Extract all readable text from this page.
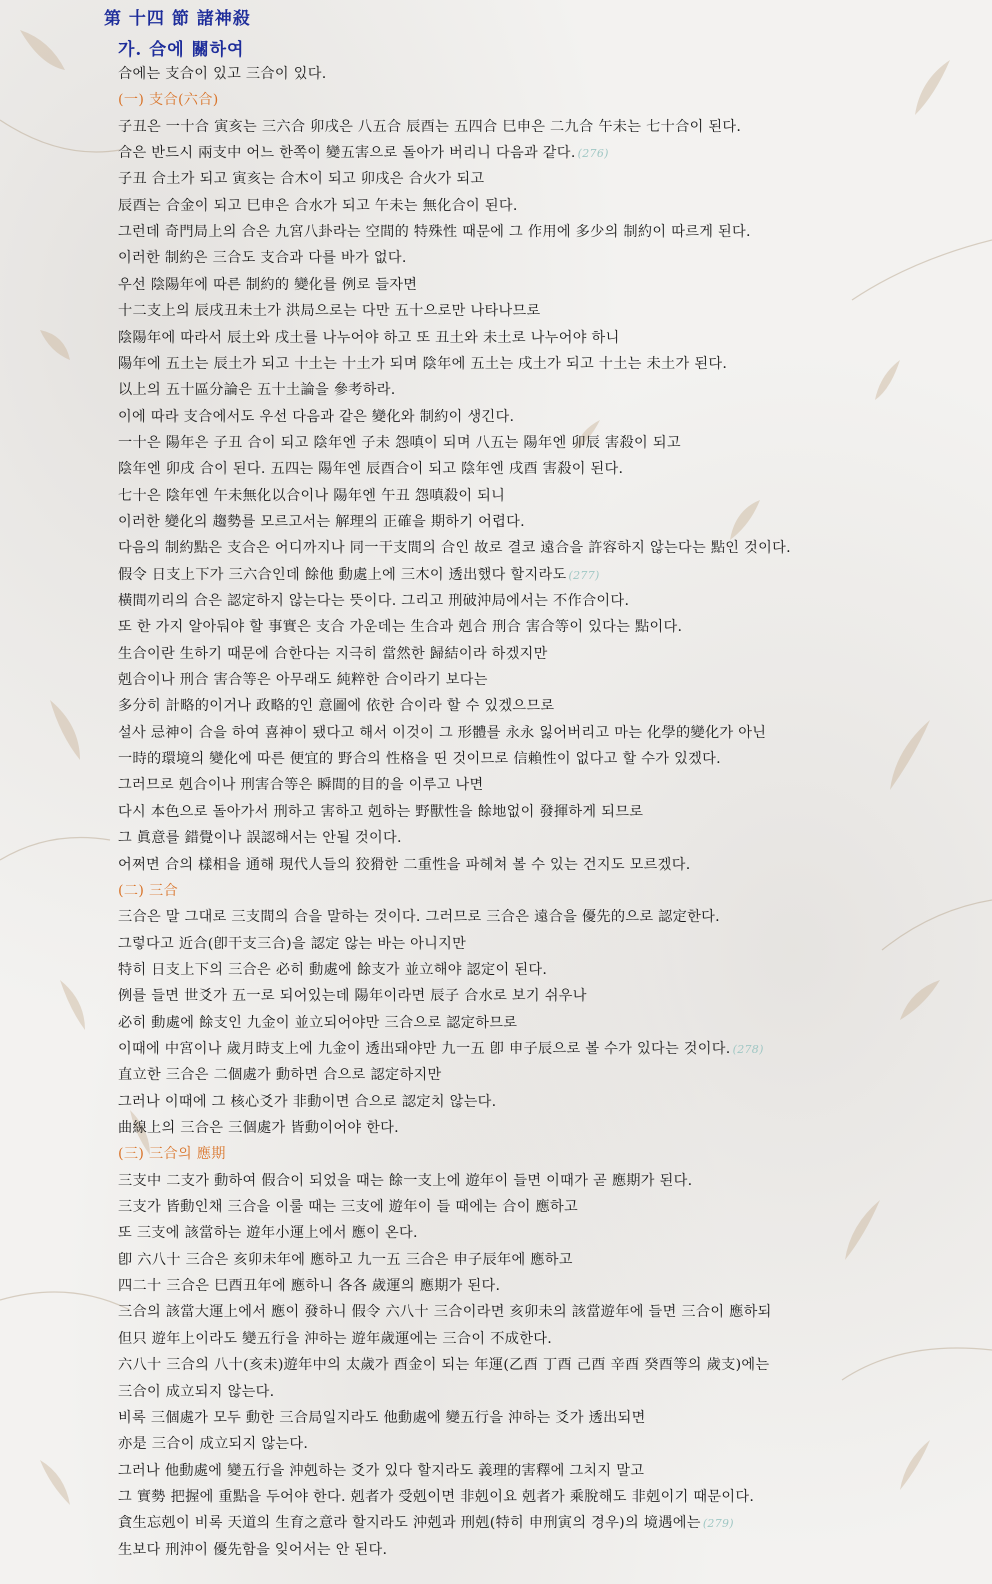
第 十四 節 諸神殺
가. 合에 關하여
合에는 支合이 있고 三合이 있다.
(一) 支合(六合)
子丑은 一十合 寅亥는 三六合 卯戌은 八五合 辰酉는 五四合 巳申은 二九合 午未는 七十合이 된다.
合은 반드시 兩支中 어느 한쪽이 變五害으로 돌아가 버리니 다음과 같다. (276)
子丑 合土가 되고 寅亥는 合木이 되고 卯戌은 合火가 되고
辰酉는 合金이 되고 巳申은 合水가 되고 午未는 無化合이 된다.
그런데 奇門局上의 合은 九宮八卦라는 空間的 特殊性 때문에 그 作用에 多少의 制約이 따르게 된다.
이러한 制約은 三合도 支合과 다를 바가 없다.
우선 陰陽年에 따른 制約的 變化를 例로 들자면
十二支上의 辰戌丑未土가 洪局으로는 다만 五十으로만 나타나므로
陰陽年에 따라서 辰土와 戌土를 나누어야 하고 또 丑土와 未土로 나누어야 하니
陽年에 五土는 辰土가 되고 十土는 十土가 되며 陰年에 五土는 戌土가 되고 十土는 未土가 된다.
以上의 五十區分論은 五十土論을 參考하라.
이에 따라 支合에서도 우선 다음과 같은 變化와 制約이 생긴다.
一十은 陽年은 子丑 合이 되고 陰年엔 子未 怨嗔이 되며 八五는 陽年엔 卯辰 害殺이 되고
陰年엔 卯戌 合이 된다. 五四는 陽年엔 辰酉合이 되고 陰年엔 戌酉 害殺이 된다.
七十은 陰年엔 午未無化以合이나 陽年엔 午丑 怨嗔殺이 되니
이러한 變化의 趨勢를 모르고서는 解理의 正確을 期하기 어렵다.
다음의 制約點은 支合은 어디까지나 同一干支間의 合인 故로 결코 遠合을 許容하지 않는다는 點인 것이다.
假令 日支上下가 三六合인데 餘他 動處上에 三木이 透出했다 할지라도 (277)
橫間끼리의 合은 認定하지 않는다는 뜻이다. 그리고 刑破沖局에서는 不作合이다.
또 한 가지 알아둬야 할 事實은 支合 가운데는 生合과 剋合 刑合 害合等이 있다는 點이다.
生合이란 生하기 때문에 合한다는 지극히 當然한 歸結이라 하겠지만
剋合이나 刑合 害合等은 아무래도 純粹한 合이라기 보다는
多分히 計略的이거나 政略的인 意圖에 依한 合이라 할 수 있겠으므로
설사 忌神이 合을 하여 喜神이 됐다고 해서 이것이 그 形體를 永永 잃어버리고 마는 化學的變化가 아닌
一時的環境의 變化에 따른 便宜的 野合의 性格을 띤 것이므로 信賴性이 없다고 할 수가 있겠다.
그러므로 剋合이나 刑害合等은 瞬間的目的을 이루고 나면
다시 本色으로 돌아가서 刑하고 害하고 剋하는 野獸性을 餘地없이 發揮하게 되므로
그 眞意를 錯覺이나 誤認해서는 안될 것이다.
어쩌면 合의 樣相을 通해 現代人들의 狡猾한 二重性을 파헤쳐 볼 수 있는 건지도 모르겠다.
(二) 三合
三合은 말 그대로 三支間의 合을 말하는 것이다. 그러므로 三合은 遠合을 優先的으로 認定한다.
그렇다고 近合(卽干支三合)을 認定 않는 바는 아니지만
特히 日支上下의 三合은 必히 動處에 餘支가 並立해야 認定이 된다.
例를 들면 世爻가 五一로 되어있는데 陽年이라면 辰子 合水로 보기 쉬우나
必히 動處에 餘支인 九金이 並立되어야만 三合으로 認定하므로
이때에 中宮이나 歲月時支上에 九金이 透出돼야만 九一五 卽 申子辰으로 볼 수가 있다는 것이다. (278)
直立한 三合은 二個處가 動하면 合으로 認定하지만
그러나 이때에 그 核心爻가 非動이면 合으로 認定치 않는다.
曲線上의 三合은 三個處가 皆動이어야 한다.
(三) 三合의 應期
三支中 二支가 動하여 假合이 되었을 때는 餘一支上에 遊年이 들면 이때가 곧 應期가 된다.
三支가 皆動인채 三合을 이룰 때는 三支에 遊年이 들 때에는 合이 應하고
또 三支에 該當하는 遊年小運上에서 應이 온다.
卽 六八十 三合은 亥卯未年에 應하고 九一五 三合은 申子辰年에 應하고
四二十 三合은 巳酉丑年에 應하니 各各 歲運의 應期가 된다.
三合의 該當大運上에서 應이 發하니 假令 六八十 三合이라면 亥卯未의 該當遊年에 들면 三合이 應하되
但只 遊年上이라도 變五行을 沖하는 遊年歲運에는 三合이 不成한다.
六八十 三合의 八十(亥未)遊年中의 太歲가 酉金이 되는 年運(乙酉 丁酉 己酉 辛酉 癸酉等의 歲支)에는
三合이 成立되지 않는다.
비록 三個處가 모두 動한 三合局일지라도 他動處에 變五行을 沖하는 爻가 透出되면
亦是 三合이 成立되지 않는다.
그러나 他動處에 變五行을 沖剋하는 爻가 있다 할지라도 義理的害釋에 그치지 말고
그 實勢 把握에 重點을 두어야 한다. 剋者가 受剋이면 非剋이요 剋者가 乘脫해도 非剋이기 때문이다.
貪生忘剋이 비록 天道의 生育之意라 할지라도 沖剋과 刑剋(特히 申刑寅의 경우)의 境遇에는 (279)
生보다 刑沖이 優先함을 잊어서는 안 된다.
